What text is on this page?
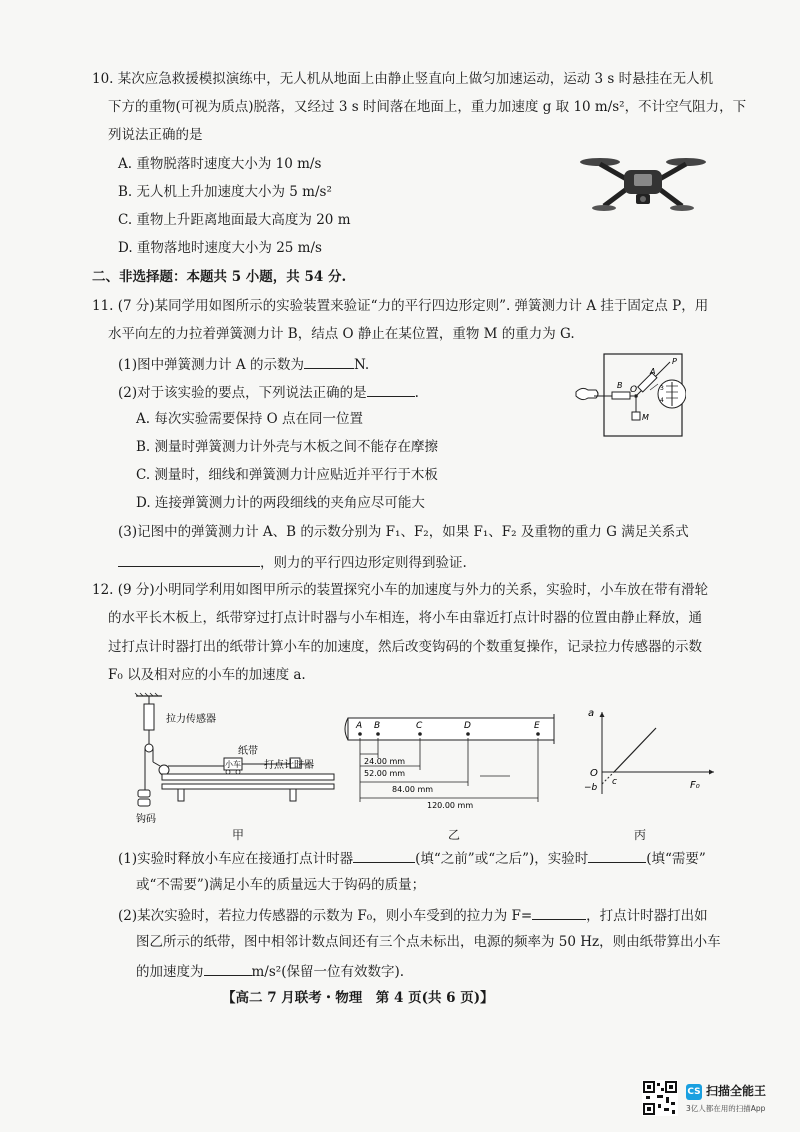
10. 某次应急救援模拟演练中，无人机从地面上由静止竖直向上做匀加速运动，运动 3 s 时悬挂在无人机
下方的重物(可视为质点)脱落，又经过 3 s 时间落在地面上，重力加速度 g 取 10 m/s²，不计空气阻力，下
列说法正确的是
A. 重物脱落时速度大小为 10 m/s
B. 无人机上升加速度大小为 5 m/s²
C. 重物上升距离地面最大高度为 20 m
D. 重物落地时速度大小为 25 m/s
二、非选择题：本题共 5 小题，共 54 分.
11. (7 分)某同学用如图所示的实验装置来验证“力的平行四边形定则”. 弹簧测力计 A 挂于固定点 P，用
水平向左的力拉着弹簧测力计 B，结点 O 静止在某位置，重物 M 的重力为 G.
(1)图中弹簧测力计 A 的示数为	N.
(2)对于该实验的要点，下列说法正确的是	.
A. 每次实验需要保持 O 点在同一位置
B. 测量时弹簧测力计外壳与木板之间不能存在摩擦
C. 测量时，细线和弹簧测力计应贴近并平行于木板
D. 连接弹簧测力计的两段细线的夹角应尽可能大
(3)记图中的弹簧测力计 A、B 的示数分别为 F₁、F₂，如果 F₁、F₂ 及重物的重力 G 满足关系式
，则力的平行四边形定则得到验证.
B O
A
P
M
3
4
12. (9 分)小明同学利用如图甲所示的装置探究小车的加速度与外力的关系，实验时，小车放在带有滑轮
的水平长木板上，纸带穿过打点计时器与小车相连，将小车由靠近打点计时器的位置由静止释放，通
过打点计时器打出的纸带计算小车的加速度，然后改变钩码的个数重复操作，记录拉力传感器的示数
F₀ 以及相对应的小车的加速度 a.
拉力传感器
钩码
小车
纸带
打点计时器
甲
A B	C	D	E
24.00 mm
52.00 mm
84.00 mm
120.00 mm
乙
a
F₀
O
c
−b
丙
(1)实验时释放小车应在接通打点计时器	(填“之前”或“之后”)，实验时	(填“需要”
或“不需要”)满足小车的质量远大于钩码的质量；
(2)某次实验时，若拉力传感器的示数为 F₀，则小车受到的拉力为 F=	，打点计时器打出如
图乙所示的纸带，图中相邻计数点间还有三个点未标出，电源的频率为 50 Hz，则由纸带算出小车
的加速度为	m/s²(保留一位有效数字).
【高二 7 月联考・物理　第 4 页(共 6 页)】
CS 扫描全能王
3亿人都在用的扫描App
